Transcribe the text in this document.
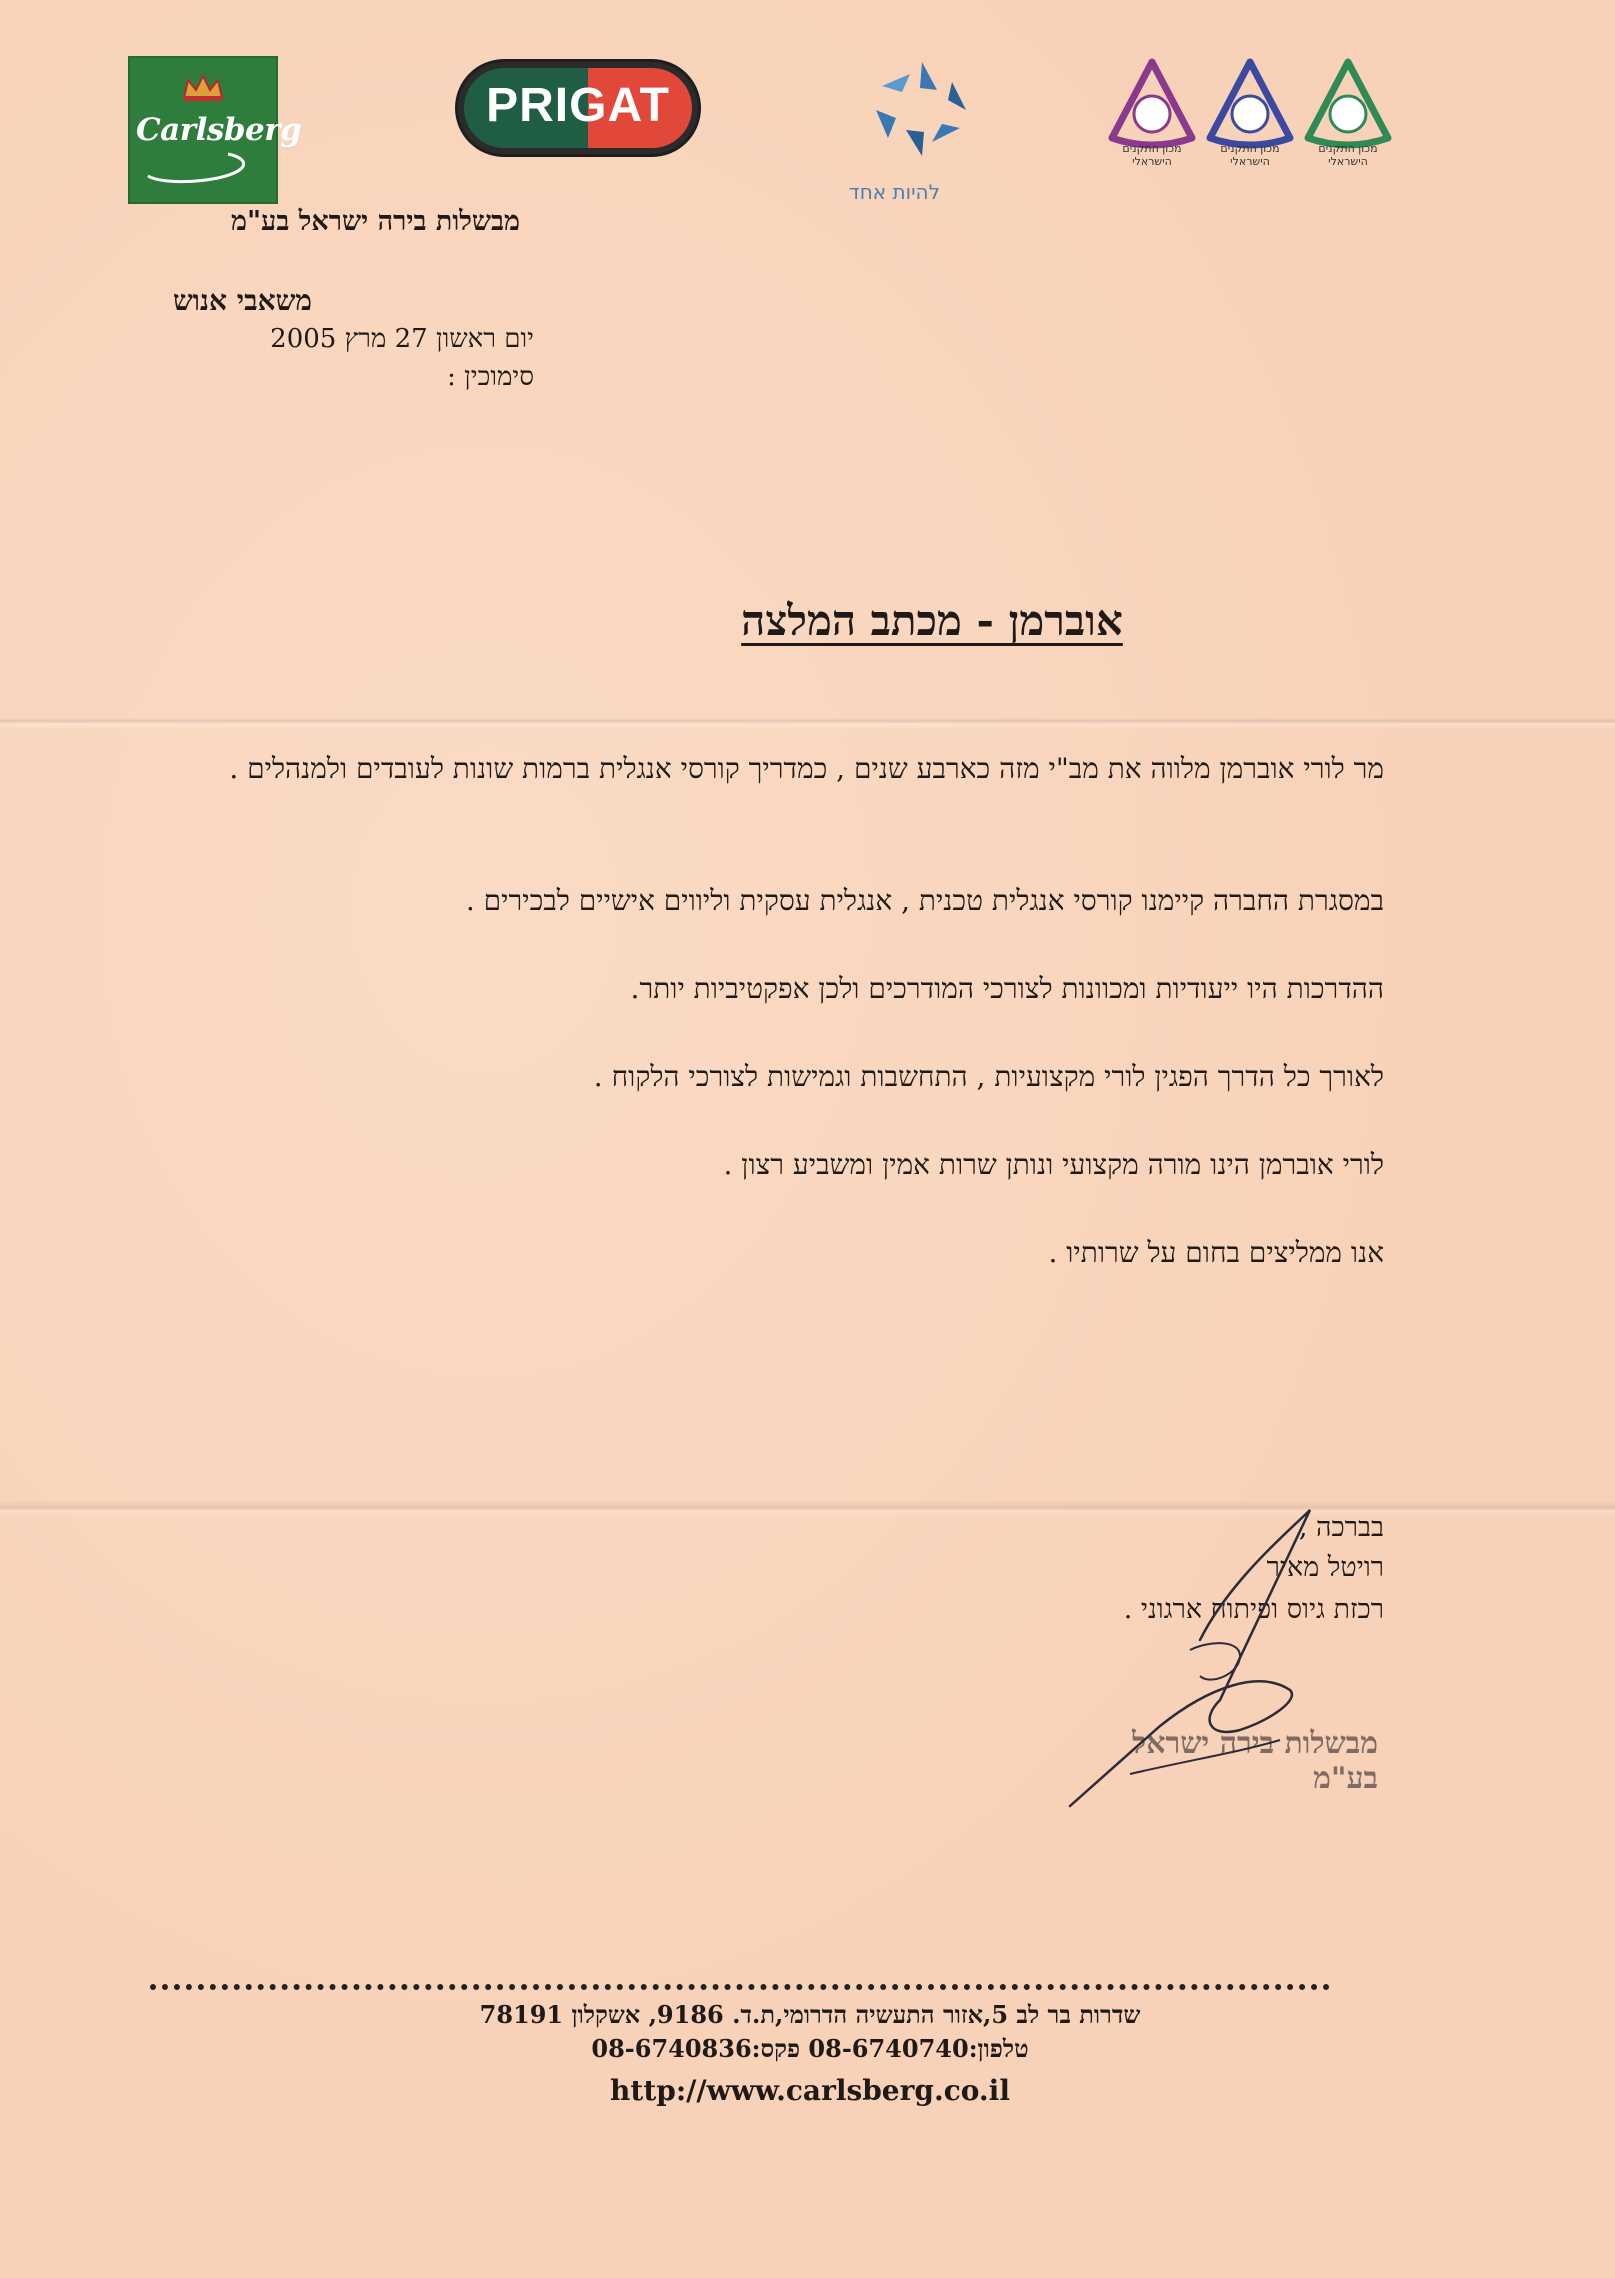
Carlsberg	PRIGAT
להיות אחד
מכון התקנים הישראלי
מכון התקנים הישראלי
מכון התקנים הישראלי
מבשלות בירה ישראל בע"מ
משאבי אנוש
יום ראשון 27 מרץ 2005
סימוכין :
אוברמן - מכתב המלצה
מר לורי אוברמן מלווה את מב"י מזה כארבע שנים , כמדריך קורסי אנגלית ברמות שונות לעובדים ולמנהלים .
במסגרת החברה קיימנו קורסי אנגלית טכנית , אנגלית עסקית וליווים אישיים לבכירים .
ההדרכות היו ייעודיות ומכוונות לצורכי המודרכים ולכן אפקטיביות יותר.
לאורך כל הדרך הפגין לורי מקצועיות , התחשבות וגמישות לצורכי הלקוח .
לורי אוברמן הינו מורה מקצועי ונותן שרות אמין ומשביע רצון .
אנו ממליצים בחום על שרותיו .
בברכה ,
רויטל מאיר
רכזת גיוס ופיתוח ארגוני .
מבשלות בירה ישראל בע"מ
שדרות בר לב 5,אזור התעשיה הדרומי,ת.ד. 9186, אשקלון 78191
טלפון:08-6740740 פקס:08-6740836
http://www.carlsberg.co.il
